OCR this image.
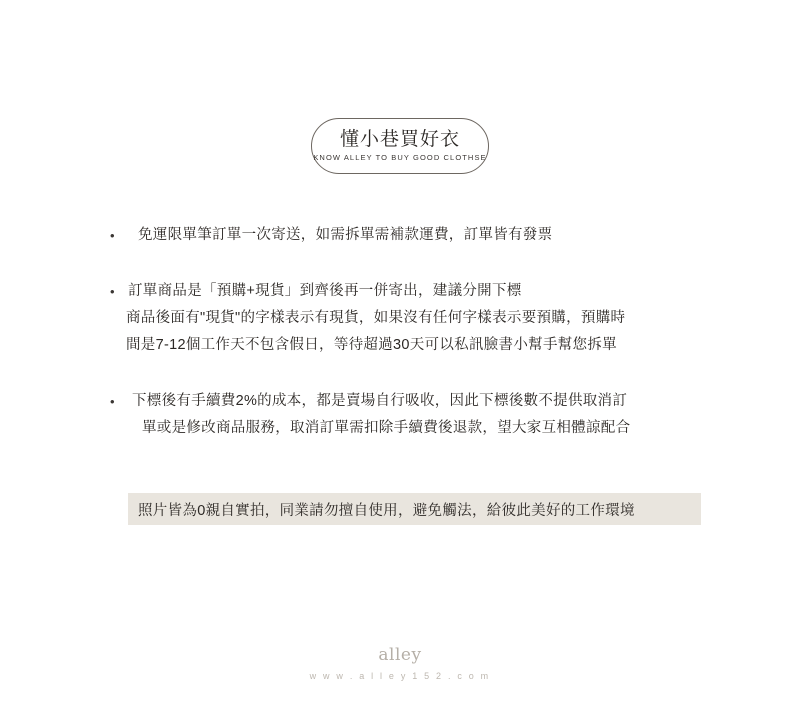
懂小巷買好衣
KNOW ALLEY TO BUY GOOD CLOTHSE
•	免運限單筆訂單一次寄送，如需拆單需補款運費，訂單皆有發票
• 訂單商品是「預購+現貨」到齊後再一併寄出，建議分開下標
商品後面有"現貨"的字樣表示有現貨，如果沒有任何字樣表示要預購，預購時
間是7-12個工作天不包含假日，等待超過30天可以私訊臉書小幫手幫您拆單
•	下標後有手續費2%的成本，都是賣場自行吸收，因此下標後數不提供取消訂
單或是修改商品服務，取消訂單需扣除手續費後退款，望大家互相體諒配合
照片皆為0親自實拍，同業請勿擅自使用，避免觸法，給彼此美好的工作環境
alley
w w w . a l l e y 1 5 2 . c o m
